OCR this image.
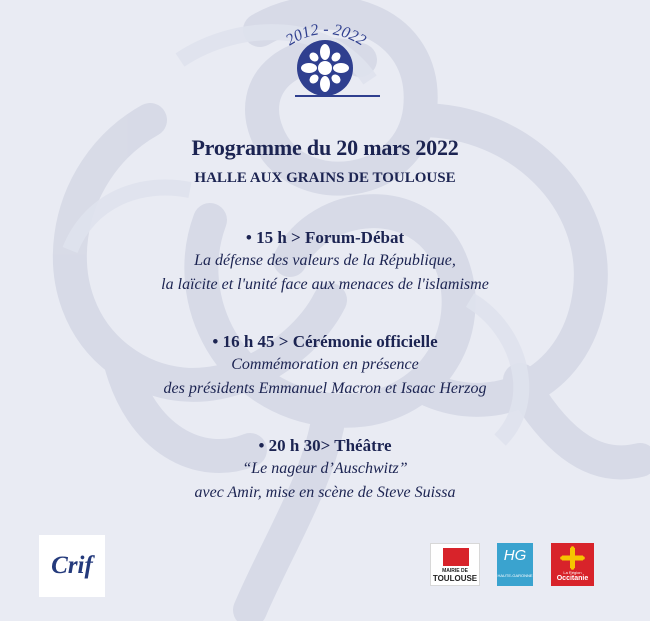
2012 - 2022
Programme du 20 mars 2022
HALLE AUX GRAINS DE TOULOUSE
• 15 h > Forum-Débat
La défense des valeurs de la République,
la laïcite et l'unité face aux menaces de l'islamisme
• 16 h 45 > Cérémonie officielle
Commémoration en présence
des présidents Emmanuel Macron et Isaac Herzog
• 20 h 30> Théâtre
“Le nageur d’Auschwitz”
avec Amir, mise en scène de Steve Suissa
Crif	MAIRIE DE
TOULOUSE
HG
HAUTE-GARONNE
La Région
Occitanie
